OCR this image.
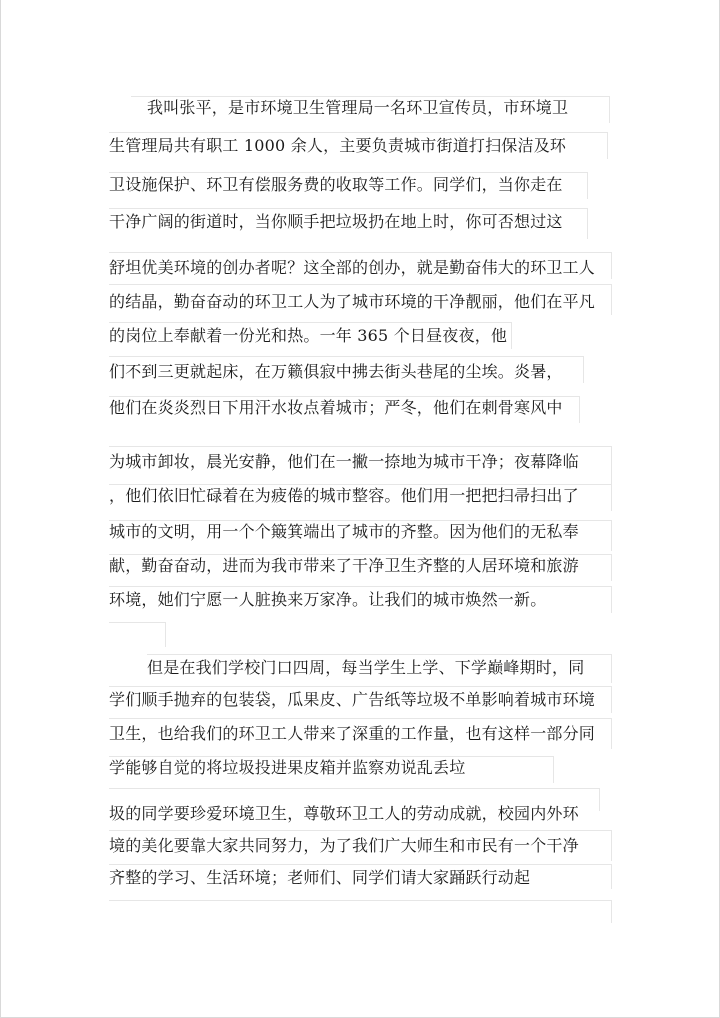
我叫张平，是市环境卫生管理局一名环卫宣传员，市环境卫
生管理局共有职工 1000 余人，主要负责城市街道打扫保洁及环
卫设施保护、环卫有偿服务费的收取等工作。同学们，当你走在
干净广阔的街道时，当你顺手把垃圾扔在地上时，你可否想过这
舒坦优美环境的创办者呢？这全部的创办，就是勤奋伟大的环卫工人
的结晶，勤奋奋动的环卫工人为了城市环境的干净靓丽，他们在平凡
的岗位上奉献着一份光和热。一年 365 个日昼夜夜，他
们不到三更就起床，在万籁俱寂中拂去街头巷尾的尘埃。炎暑，
他们在炎炎烈日下用汗水妆点着城市；严冬，他们在刺骨寒风中
为城市卸妆，晨光安静，他们在一撇一捺地为城市干净；夜幕降临
，他们依旧忙碌着在为疲倦的城市整容。他们用一把把扫帚扫出了
城市的文明，用一个个簸箕端出了城市的齐整。因为他们的无私奉
献，勤奋奋动，进而为我市带来了干净卫生齐整的人居环境和旅游
环境，她们宁愿一人脏换来万家净。让我们的城市焕然一新。
但是在我们学校门口四周，每当学生上学、下学巅峰期时，同
学们顺手抛弃的包装袋，瓜果皮、广告纸等垃圾不单影响着城市环境
卫生，也给我们的环卫工人带来了深重的工作量，也有这样一部分同
学能够自觉的将垃圾投进果皮箱并监察劝说乱丢垃
圾的同学要珍爱环境卫生，尊敬环卫工人的劳动成就，校园内外环
境的美化要靠大家共同努力，为了我们广大师生和市民有一个干净
齐整的学习、生活环境；老师们、同学们请大家踊跃行动起
